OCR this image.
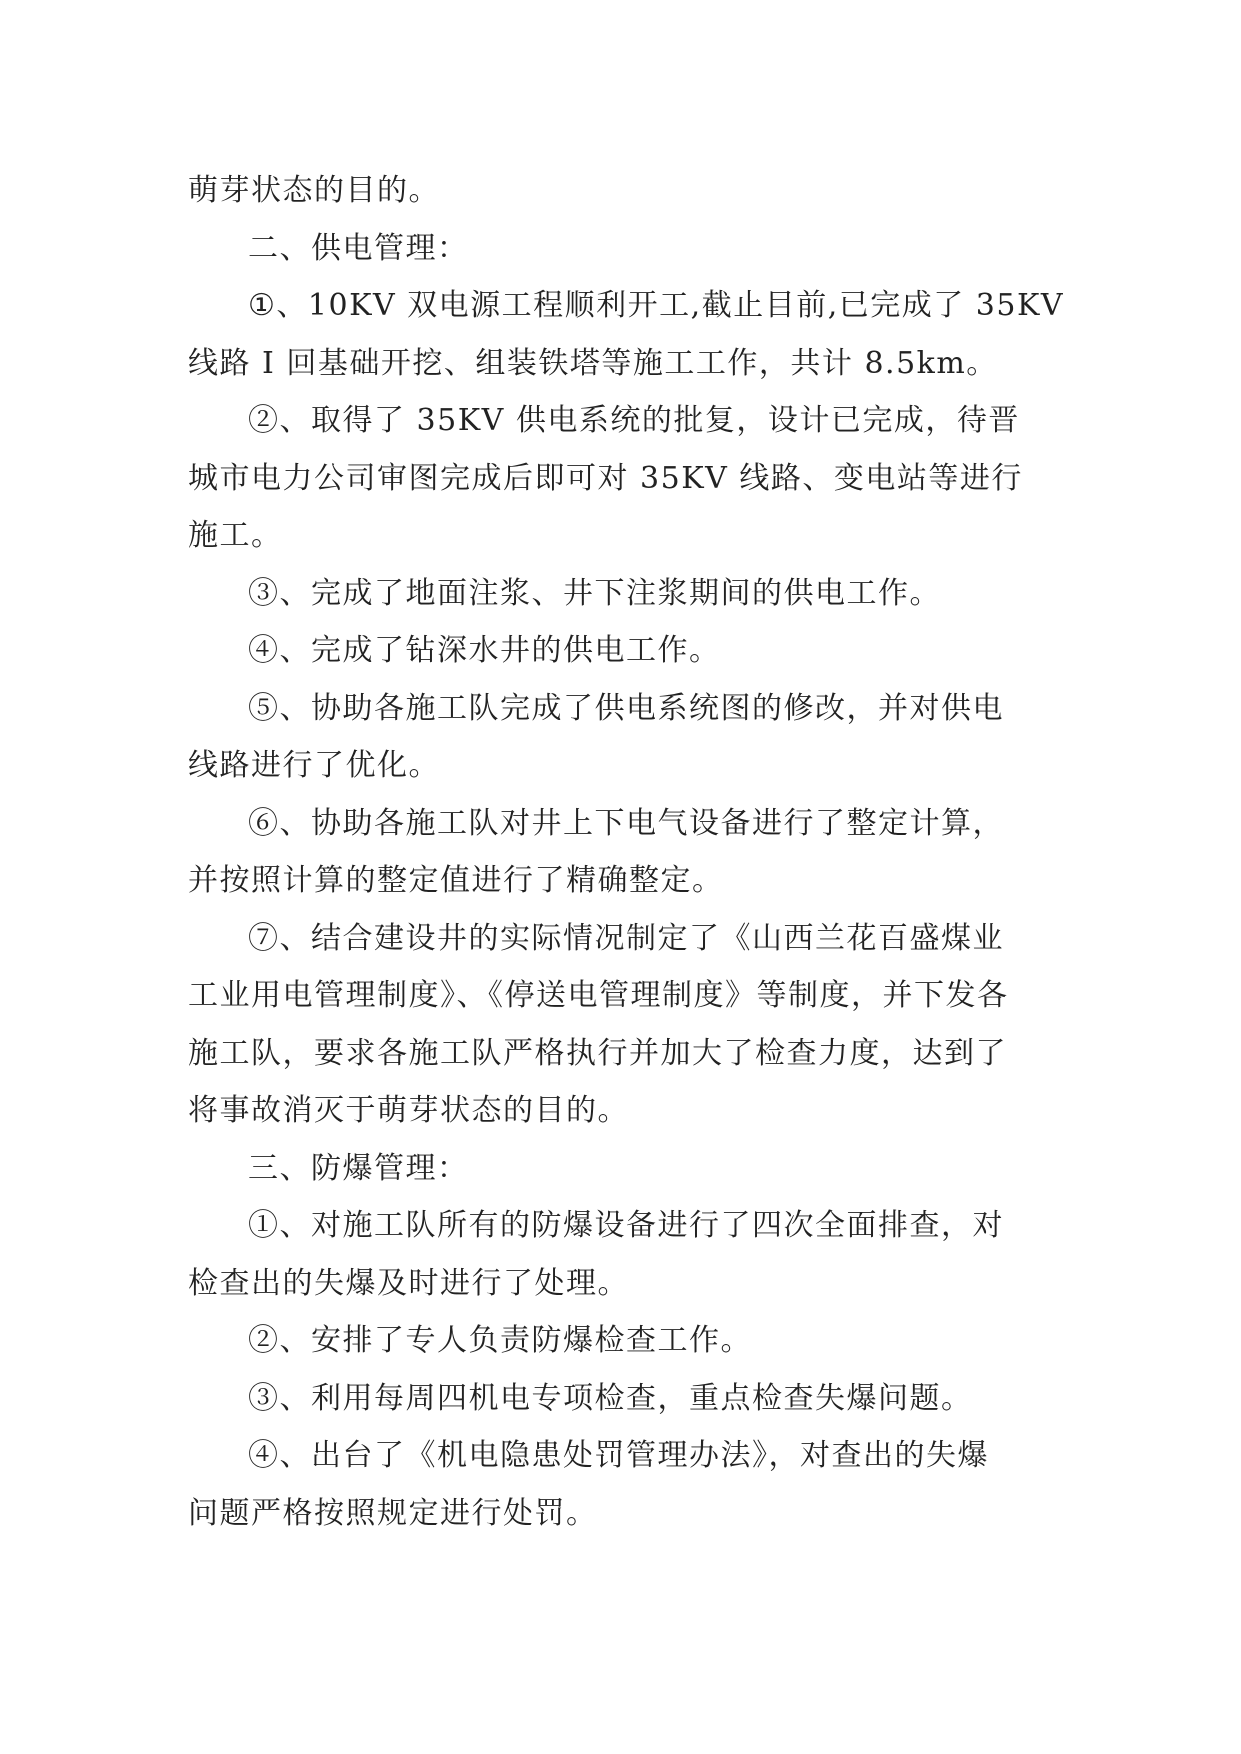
萌芽状态的目的。
二、供电管理：
①、10KV 双电源工程顺利开工,截止目前,已完成了 35KV
线路 I 回基础开挖、组装铁塔等施工工作，共计 8.5km。
②、取得了 35KV 供电系统的批复，设计已完成，待晋
城市电力公司审图完成后即可对 35KV 线路、变电站等进行
施工。
③、完成了地面注浆、井下注浆期间的供电工作。
④、完成了钻深水井的供电工作。
⑤、协助各施工队完成了供电系统图的修改，并对供电
线路进行了优化。
⑥、协助各施工队对井上下电气设备进行了整定计算，
并按照计算的整定值进行了精确整定。
⑦、结合建设井的实际情况制定了《山西兰花百盛煤业
工业用电管理制度》、《停送电管理制度》等制度，并下发各
施工队，要求各施工队严格执行并加大了检查力度，达到了
将事故消灭于萌芽状态的目的。
三、防爆管理：
①、对施工队所有的防爆设备进行了四次全面排查，对
检查出的失爆及时进行了处理。
②、安排了专人负责防爆检查工作。
③、利用每周四机电专项检查，重点检查失爆问题。
④、出台了《机电隐患处罚管理办法》，对查出的失爆
问题严格按照规定进行处罚。
